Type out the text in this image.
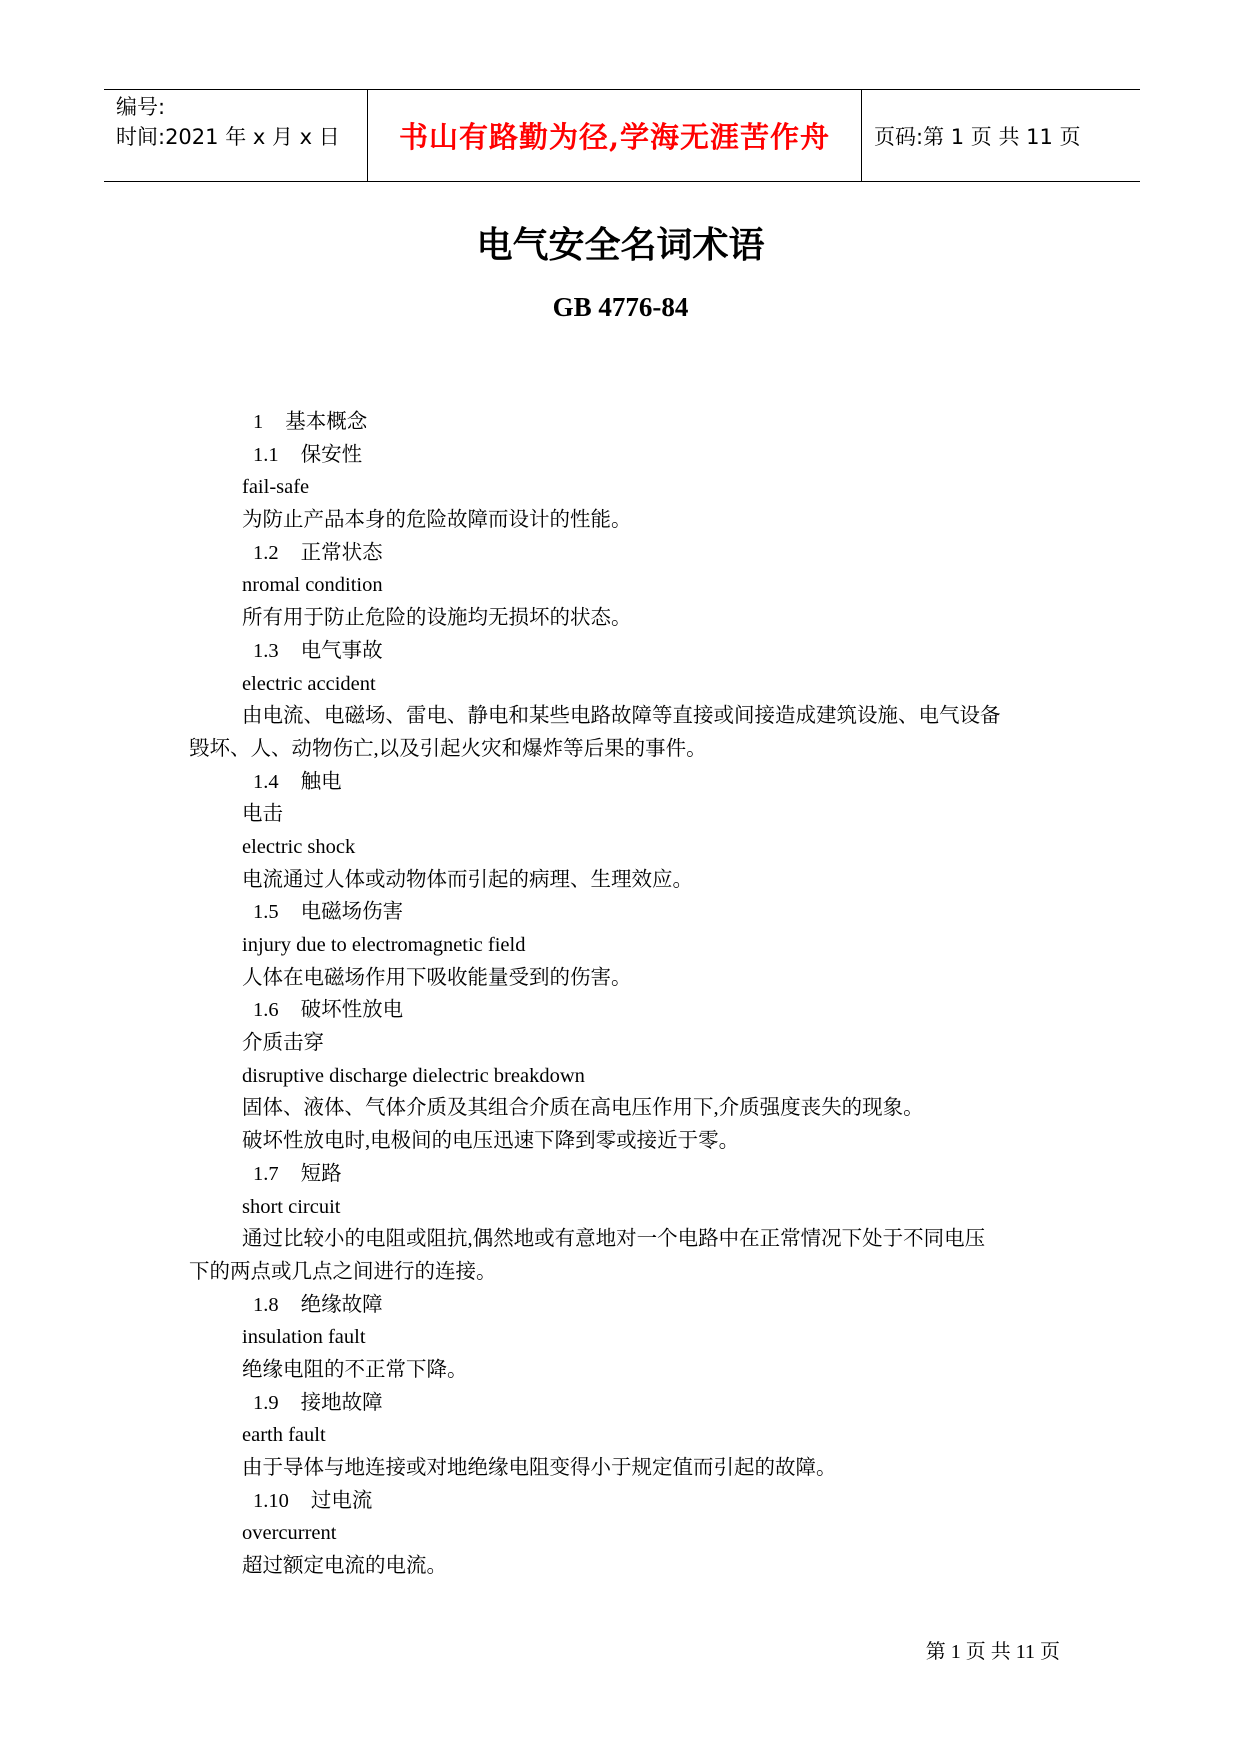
编号:
时间:2021 年 x 月 x 日	书山有路勤为径,学海无涯苦作舟 页码:第 1 页 共 11 页
电气安全名词术语
GB 4776-84
1 基本概念
1.1 保安性
fail-safe
为防止产品本身的危险故障而设计的性能。
1.2 正常状态
nromal condition
所有用于防止危险的设施均无损坏的状态。
1.3 电气事故
electric accident
由电流、电磁场、雷电、静电和某些电路故障等直接或间接造成建筑设施、电气设备
毁坏、人、动物伤亡,以及引起火灾和爆炸等后果的事件。
1.4 触电
电击
electric shock
电流通过人体或动物体而引起的病理、生理效应。
1.5 电磁场伤害
injury due to electromagnetic field
人体在电磁场作用下吸收能量受到的伤害。
1.6 破坏性放电
介质击穿
disruptive discharge dielectric breakdown
固体、液体、气体介质及其组合介质在高电压作用下,介质强度丧失的现象。
破坏性放电时,电极间的电压迅速下降到零或接近于零。
1.7 短路
short circuit
通过比较小的电阻或阻抗,偶然地或有意地对一个电路中在正常情况下处于不同电压
下的两点或几点之间进行的连接。
1.8 绝缘故障
insulation fault
绝缘电阻的不正常下降。
1.9 接地故障
earth fault
由于导体与地连接或对地绝缘电阻变得小于规定值而引起的故障。
1.10 过电流
overcurrent
超过额定电流的电流。
第 1 页 共 11 页
